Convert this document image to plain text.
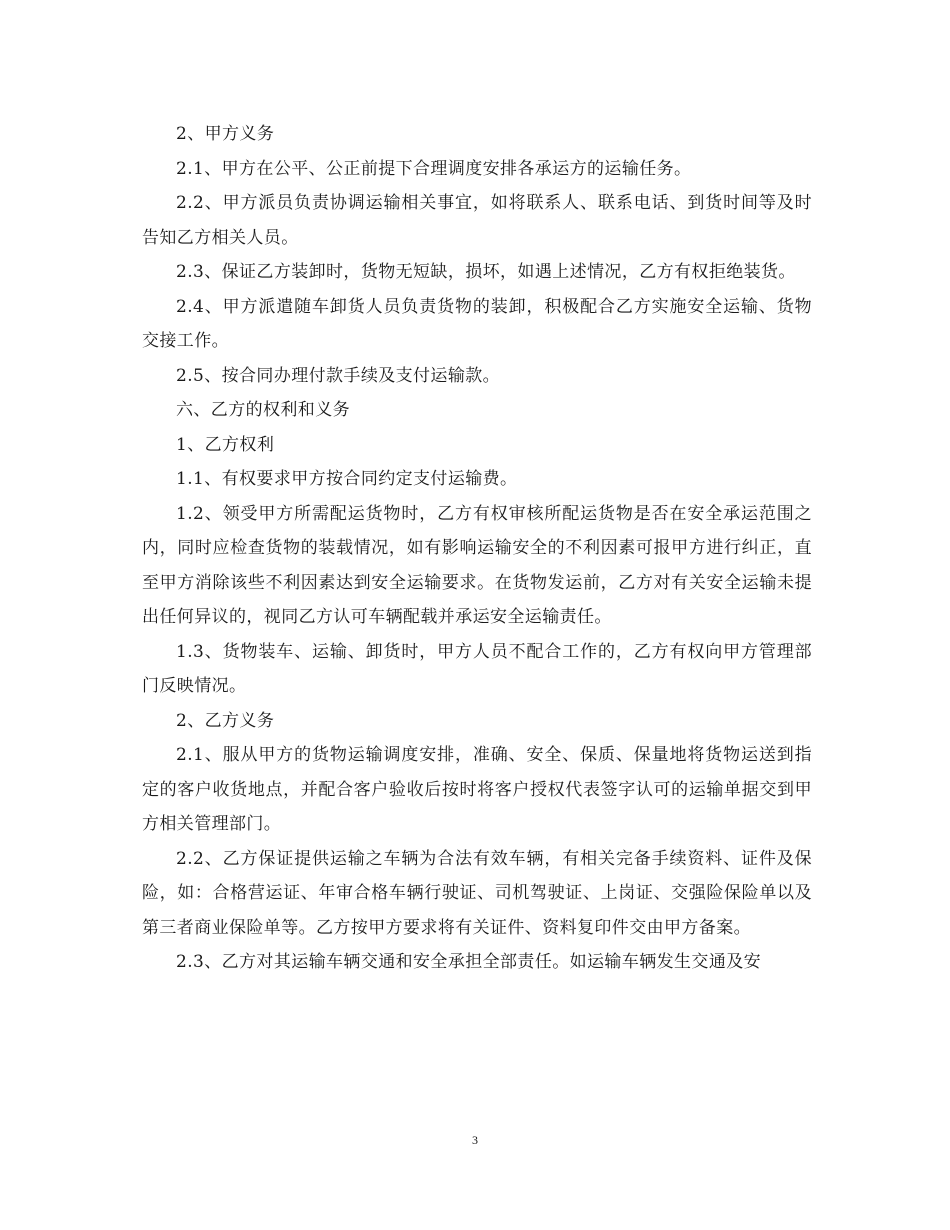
2、甲方义务

2.1、甲方在公平、公正前提下合理调度安排各承运方的运输任务。

2.2、甲方派员负责协调运输相关事宜，如将联系人、联系电话、到货时间等及时告知乙方相关人员。

2.3、保证乙方装卸时，货物无短缺，损坏，如遇上述情况，乙方有权拒绝装货。

2.4、甲方派遣随车卸货人员负责货物的装卸，积极配合乙方实施安全运输、货物交接工作。

2.5、按合同办理付款手续及支付运输款。

六、乙方的权利和义务

1、乙方权利

1.1、有权要求甲方按合同约定支付运输费。

1.2、领受甲方所需配运货物时，乙方有权审核所配运货物是否在安全承运范围之内，同时应检查货物的装载情况，如有影响运输安全的不利因素可报甲方进行纠正，直至甲方消除该些不利因素达到安全运输要求。在货物发运前，乙方对有关安全运输未提出任何异议的，视同乙方认可车辆配载并承运安全运输责任。

1.3、货物装车、运输、卸货时，甲方人员不配合工作的，乙方有权向甲方管理部门反映情况。

2、乙方义务

2.1、服从甲方的货物运输调度安排，准确、安全、保质、保量地将货物运送到指定的客户收货地点，并配合客户验收后按时将客户授权代表签字认可的运输单据交到甲方相关管理部门。

2.2、乙方保证提供运输之车辆为合法有效车辆，有相关完备手续资料、证件及保险，如：合格营运证、年审合格车辆行驶证、司机驾驶证、上岗证、交强险保险单以及第三者商业保险单等。乙方按甲方要求将有关证件、资料复印件交由甲方备案。

2.3、乙方对其运输车辆交通和安全承担全部责任。如运输车辆发生交通及安

3
